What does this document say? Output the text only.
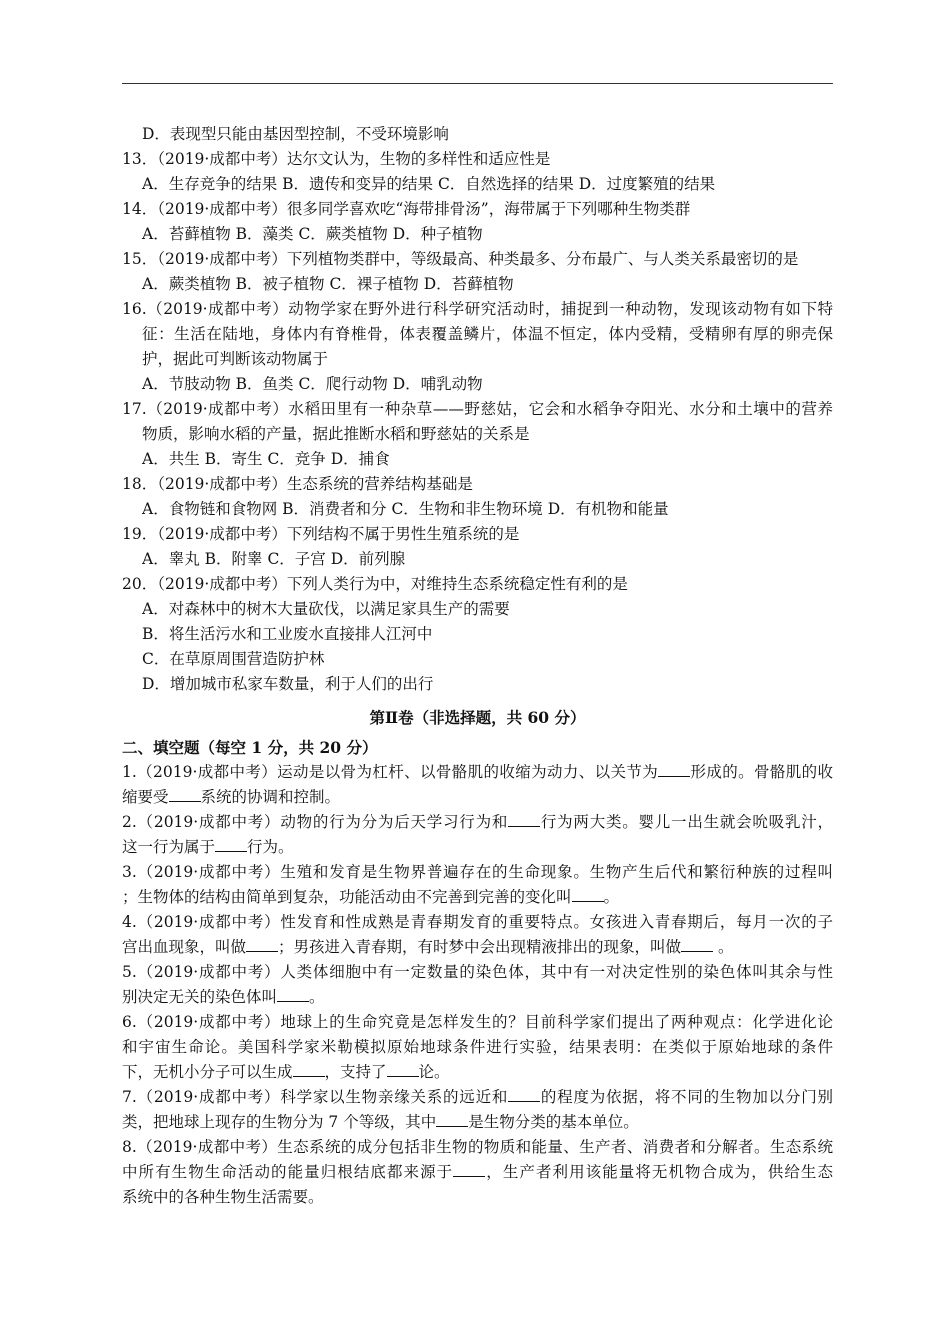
D．表现型只能由基因型控制，不受环境影响
13．（2019·成都中考）达尔文认为，生物的多样性和适应性是
A．生存竞争的结果 B．遗传和变异的结果 C．自然选择的结果 D．过度繁殖的结果
14．（2019·成都中考）很多同学喜欢吃“海带排骨汤”，海带属于下列哪种生物类群
A．苔藓植物 B．藻类 C．蕨类植物 D．种子植物
15．（2019·成都中考）下列植物类群中，等级最高、种类最多、分布最广、与人类关系最密切的是
A．蕨类植物 B．被子植物 C．裸子植物 D．苔藓植物
16.（2019·成都中考）动物学家在野外进行科学研究活动时，捕捉到一种动物，发现该动物有如下特
征：生活在陆地，身体内有脊椎骨，体表覆盖鳞片，体温不恒定，体内受精，受精卵有厚的卵壳保
护，据此可判断该动物属于
A．节肢动物 B．鱼类 C．爬行动物 D．哺乳动物
17.（2019·成都中考）水稻田里有一种杂草——野慈姑，它会和水稻争夺阳光、水分和土壤中的营养
物质，影响水稻的产量，据此推断水稻和野慈姑的关系是
A．共生 B．寄生 C．竞争 D．捕食
18．（2019·成都中考）生态系统的营养结构基础是
A．食物链和食物网 B．消费者和分 C．生物和非生物环境 D．有机物和能量
19．（2019·成都中考）下列结构不属于男性生殖系统的是
A．睾丸 B．附睾 C．子宫 D．前列腺
20．（2019·成都中考）下列人类行为中，对维持生态系统稳定性有利的是
A．对森林中的树木大量砍伐，以满足家具生产的需要
B．将生活污水和工业废水直接排人江河中
C．在草原周围营造防护林
D．增加城市私家车数量，利于人们的出行
第Ⅱ卷（非选择题，共 60 分）
二、填空题（每空 1 分，共 20 分）
1.（2019·成都中考）运动是以骨为杠杆、以骨骼肌的收缩为动力、以关节为 形成的。骨骼肌的收
缩要受 系统的协调和控制。
2.（2019·成都中考）动物的行为分为后天学习行为和 行为两大类。婴儿一出生就会吮吸乳汁，
这一行为属于 行为。
3.（2019·成都中考）生殖和发育是生物界普遍存在的生命现象。生物产生后代和繁衍种族的过程叫
；生物体的结构由简单到复杂，功能活动由不完善到完善的变化叫 。
4.（2019·成都中考）性发育和性成熟是青春期发育的重要特点。女孩进入青春期后，每月一次的子
宫出血现象，叫做 ；男孩进入青春期，有时梦中会出现精液排出的现象，叫做 。
5.（2019·成都中考）人类体细胞中有一定数量的染色体，其中有一对决定性别的染色体叫其余与性
别决定无关的染色体叫 。
6.（2019·成都中考）地球上的生命究竟是怎样发生的？目前科学家们提出了两种观点：化学进化论
和宇宙生命论。美国科学家米勒模拟原始地球条件进行实验，结果表明：在类似于原始地球的条件
下，无机小分子可以生成 ，支持了 论。
7.（2019·成都中考）科学家以生物亲缘关系的远近和 的程度为依据，将不同的生物加以分门别
类，把地球上现存的生物分为 7 个等级，其中 是生物分类的基本单位。
8.（2019·成都中考）生态系统的成分包括非生物的物质和能量、生产者、消费者和分解者。生态系统
中所有生物生命活动的能量归根结底都来源于 ，生产者利用该能量将无机物合成为，供给生态
系统中的各种生物生活需要。
